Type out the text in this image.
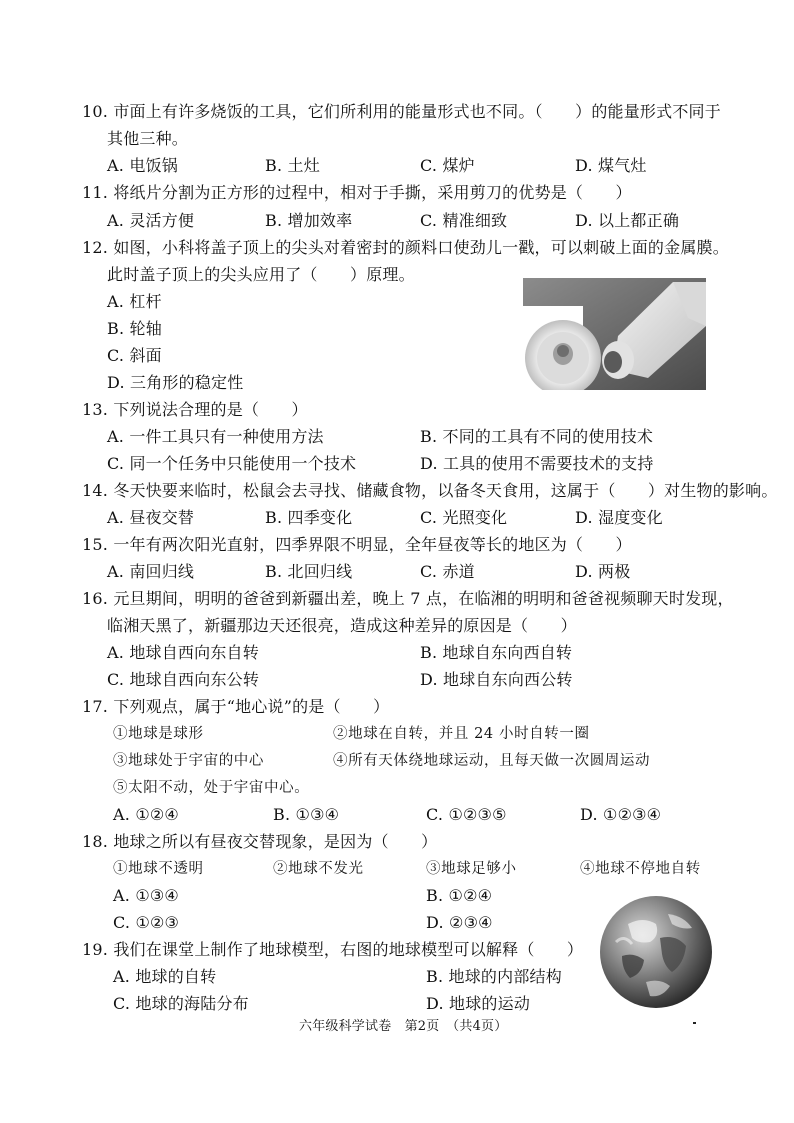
10. 市面上有许多烧饭的工具，它们所利用的能量形式也不同。（　　）的能量形式不同于
其他三种。
A. 电饭锅	B. 土灶	C. 煤炉	D. 煤气灶
11. 将纸片分割为正方形的过程中，相对于手撕，采用剪刀的优势是（　　）
A. 灵活方便	B. 增加效率	C. 精准细致	D. 以上都正确
12. 如图，小科将盖子顶上的尖头对着密封的颜料口使劲儿一戳，可以刺破上面的金属膜。
此时盖子顶上的尖头应用了（　　）原理。
A. 杠杆
B. 轮轴
C. 斜面
D. 三角形的稳定性
13. 下列说法合理的是（　　）
A. 一件工具只有一种使用方法	B. 不同的工具有不同的使用技术
C. 同一个任务中只能使用一个技术	D. 工具的使用不需要技术的支持
14. 冬天快要来临时，松鼠会去寻找、储藏食物，以备冬天食用，这属于（　　）对生物的影响。
A. 昼夜交替	B. 四季变化	C. 光照变化	D. 湿度变化
15. 一年有两次阳光直射，四季界限不明显，全年昼夜等长的地区为（　　）
A. 南回归线	B. 北回归线	C. 赤道	D. 两极
16. 元旦期间，明明的爸爸到新疆出差，晚上 7 点，在临湘的明明和爸爸视频聊天时发现，
临湘天黑了，新疆那边天还很亮，造成这种差异的原因是（　　）
A. 地球自西向东自转	B. 地球自东向西自转
C. 地球自西向东公转	D. 地球自东向西公转
17. 下列观点，属于“地心说”的是（　　）
①地球是球形	②地球在自转，并且 24 小时自转一圈
③地球处于宇宙的中心	④所有天体绕地球运动，且每天做一次圆周运动
⑤太阳不动，处于宇宙中心。
A. ①②④	B. ①③④	C. ①②③⑤	D. ①②③④
18. 地球之所以有昼夜交替现象，是因为（　　）
①地球不透明	②地球不发光	③地球足够小	④地球不停地自转
A. ①③④	B. ①②④
C. ①②③	D. ②③④
19. 我们在课堂上制作了地球模型，右图的地球模型可以解释（　　）
A. 地球的自转	B. 地球的内部结构
C. 地球的海陆分布	D. 地球的运动
六年级科学试卷　第2页　（共4页）
